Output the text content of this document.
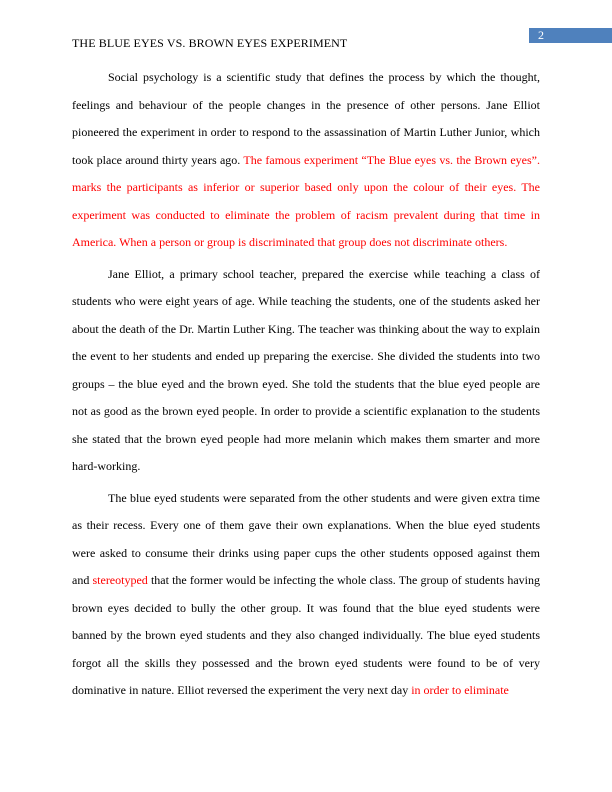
THE BLUE EYES VS. BROWN EYES EXPERIMENT
2

Social psychology is a scientific study that defines the process by which the thought, feelings and behaviour of the people changes in the presence of other persons. Jane Elliot pioneered the experiment in order to respond to the assassination of Martin Luther Junior, which took place around thirty years ago. The famous experiment “The Blue eyes vs. the Brown eyes”. marks the participants as inferior or superior based only upon the colour of their eyes. The experiment was conducted to eliminate the problem of racism prevalent during that time in America. When a person or group is discriminated that group does not discriminate others.

Jane Elliot, a primary school teacher, prepared the exercise while teaching a class of students who were eight years of age. While teaching the students, one of the students asked her about the death of the Dr. Martin Luther King. The teacher was thinking about the way to explain the event to her students and ended up preparing the exercise. She divided the students into two groups – the blue eyed and the brown eyed. She told the students that the blue eyed people are not as good as the brown eyed people. In order to provide a scientific explanation to the students she stated that the brown eyed people had more melanin which makes them smarter and more hard-working.

The blue eyed students were separated from the other students and were given extra time as their recess. Every one of them gave their own explanations. When the blue eyed students were asked to consume their drinks using paper cups the other students opposed against them and stereotyped that the former would be infecting the whole class. The group of students having brown eyes decided to bully the other group. It was found that the blue eyed students were banned by the brown eyed students and they also changed individually. The blue eyed students forgot all the skills they possessed and the brown eyed students were found to be of very dominative in nature. Elliot reversed the experiment the very next day in order to eliminate
